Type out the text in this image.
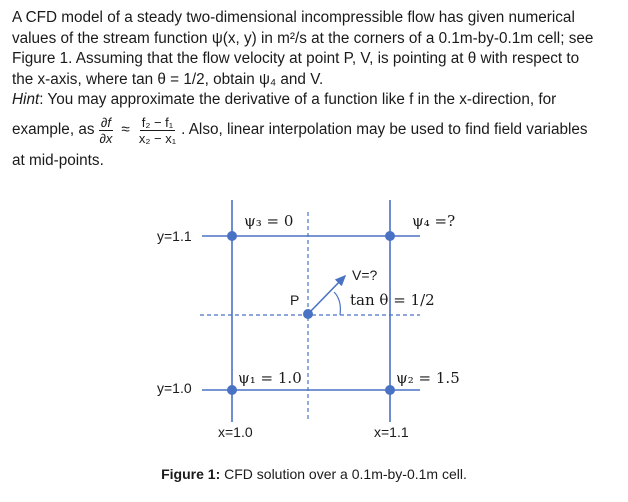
A CFD model of a steady two-dimensional incompressible flow has given numerical

values of the stream function ψ(x, y) in m²/s at the corners of a 0.1m-by-0.1m cell; see

Figure 1. Assuming that the flow velocity at point P, V, is pointing at θ with respect to

the x-axis, where tan θ = 1/2, obtain ψ₄ and V.

Hint: You may approximate the derivative of a function like f in the x-direction, for

example, as $\frac{\partial f}{\partial x} \approx \frac{\text{f₂ − f₁}}{\text{x₂ − x₁}}$ . Also, linear interpolation may be used to find field variables

at mid-points.

y=1.1
y=1.0
x=1.0	x=1.1
ψ₃ = 0	ψ₄ =?
ψ₁ = 1.0	ψ₂ = 1.5
P
V=?
tan θ = 1/2
Figure 1: CFD solution over a 0.1m-by-0.1m cell.
